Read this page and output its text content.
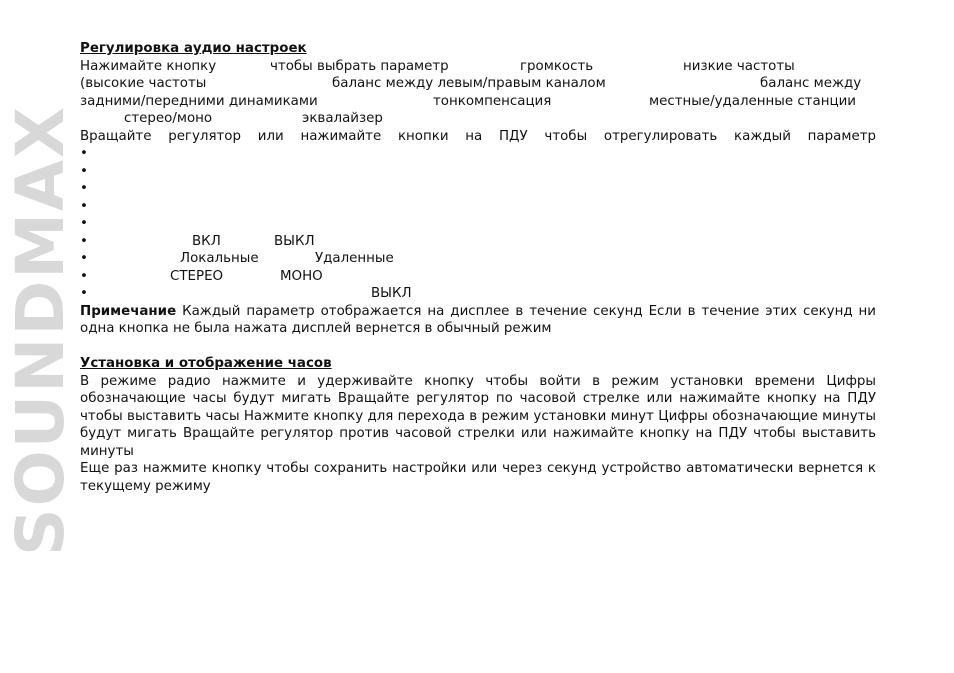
SOUNDMAX
Регулировка аудио настроек
Нажимайте кнопку	чтобы выбрать параметр	громкость	низкие частоты
(высокие частоты	баланс между левым/правым каналом	баланс между
задними/передними динамиками	тонкомпенсация	местные/удаленные станции
стерео/моно	эквалайзер
Вращайте регулятор или нажимайте кнопки на ПДУ чтобы отрегулировать каждый параметр
•
•
•
•
•
•	ВКЛ	ВЫКЛ
•	Локальные	Удаленные
•	СТЕРЕО	МОНО
•	ВЫКЛ
Примечание Каждый параметр отображается на дисплее в течение секунд Если в течение этих секунд ни одна кнопка не была нажата дисплей вернется в обычный режим
Установка и отображение часов
В режиме радио нажмите и удерживайте кнопку чтобы войти в режим установки времени Цифры обозначающие часы будут мигать Вращайте регулятор по часовой стрелке или нажимайте кнопку на ПДУ чтобы выставить часы Нажмите кнопку для перехода в режим установки минут Цифры обозначающие минуты будут мигать Вращайте регулятор против часовой стрелки или нажимайте кнопку на ПДУ чтобы выставить минуты
Еще раз нажмите кнопку чтобы сохранить настройки или через секунд устройство автоматически вернется к текущему режиму
